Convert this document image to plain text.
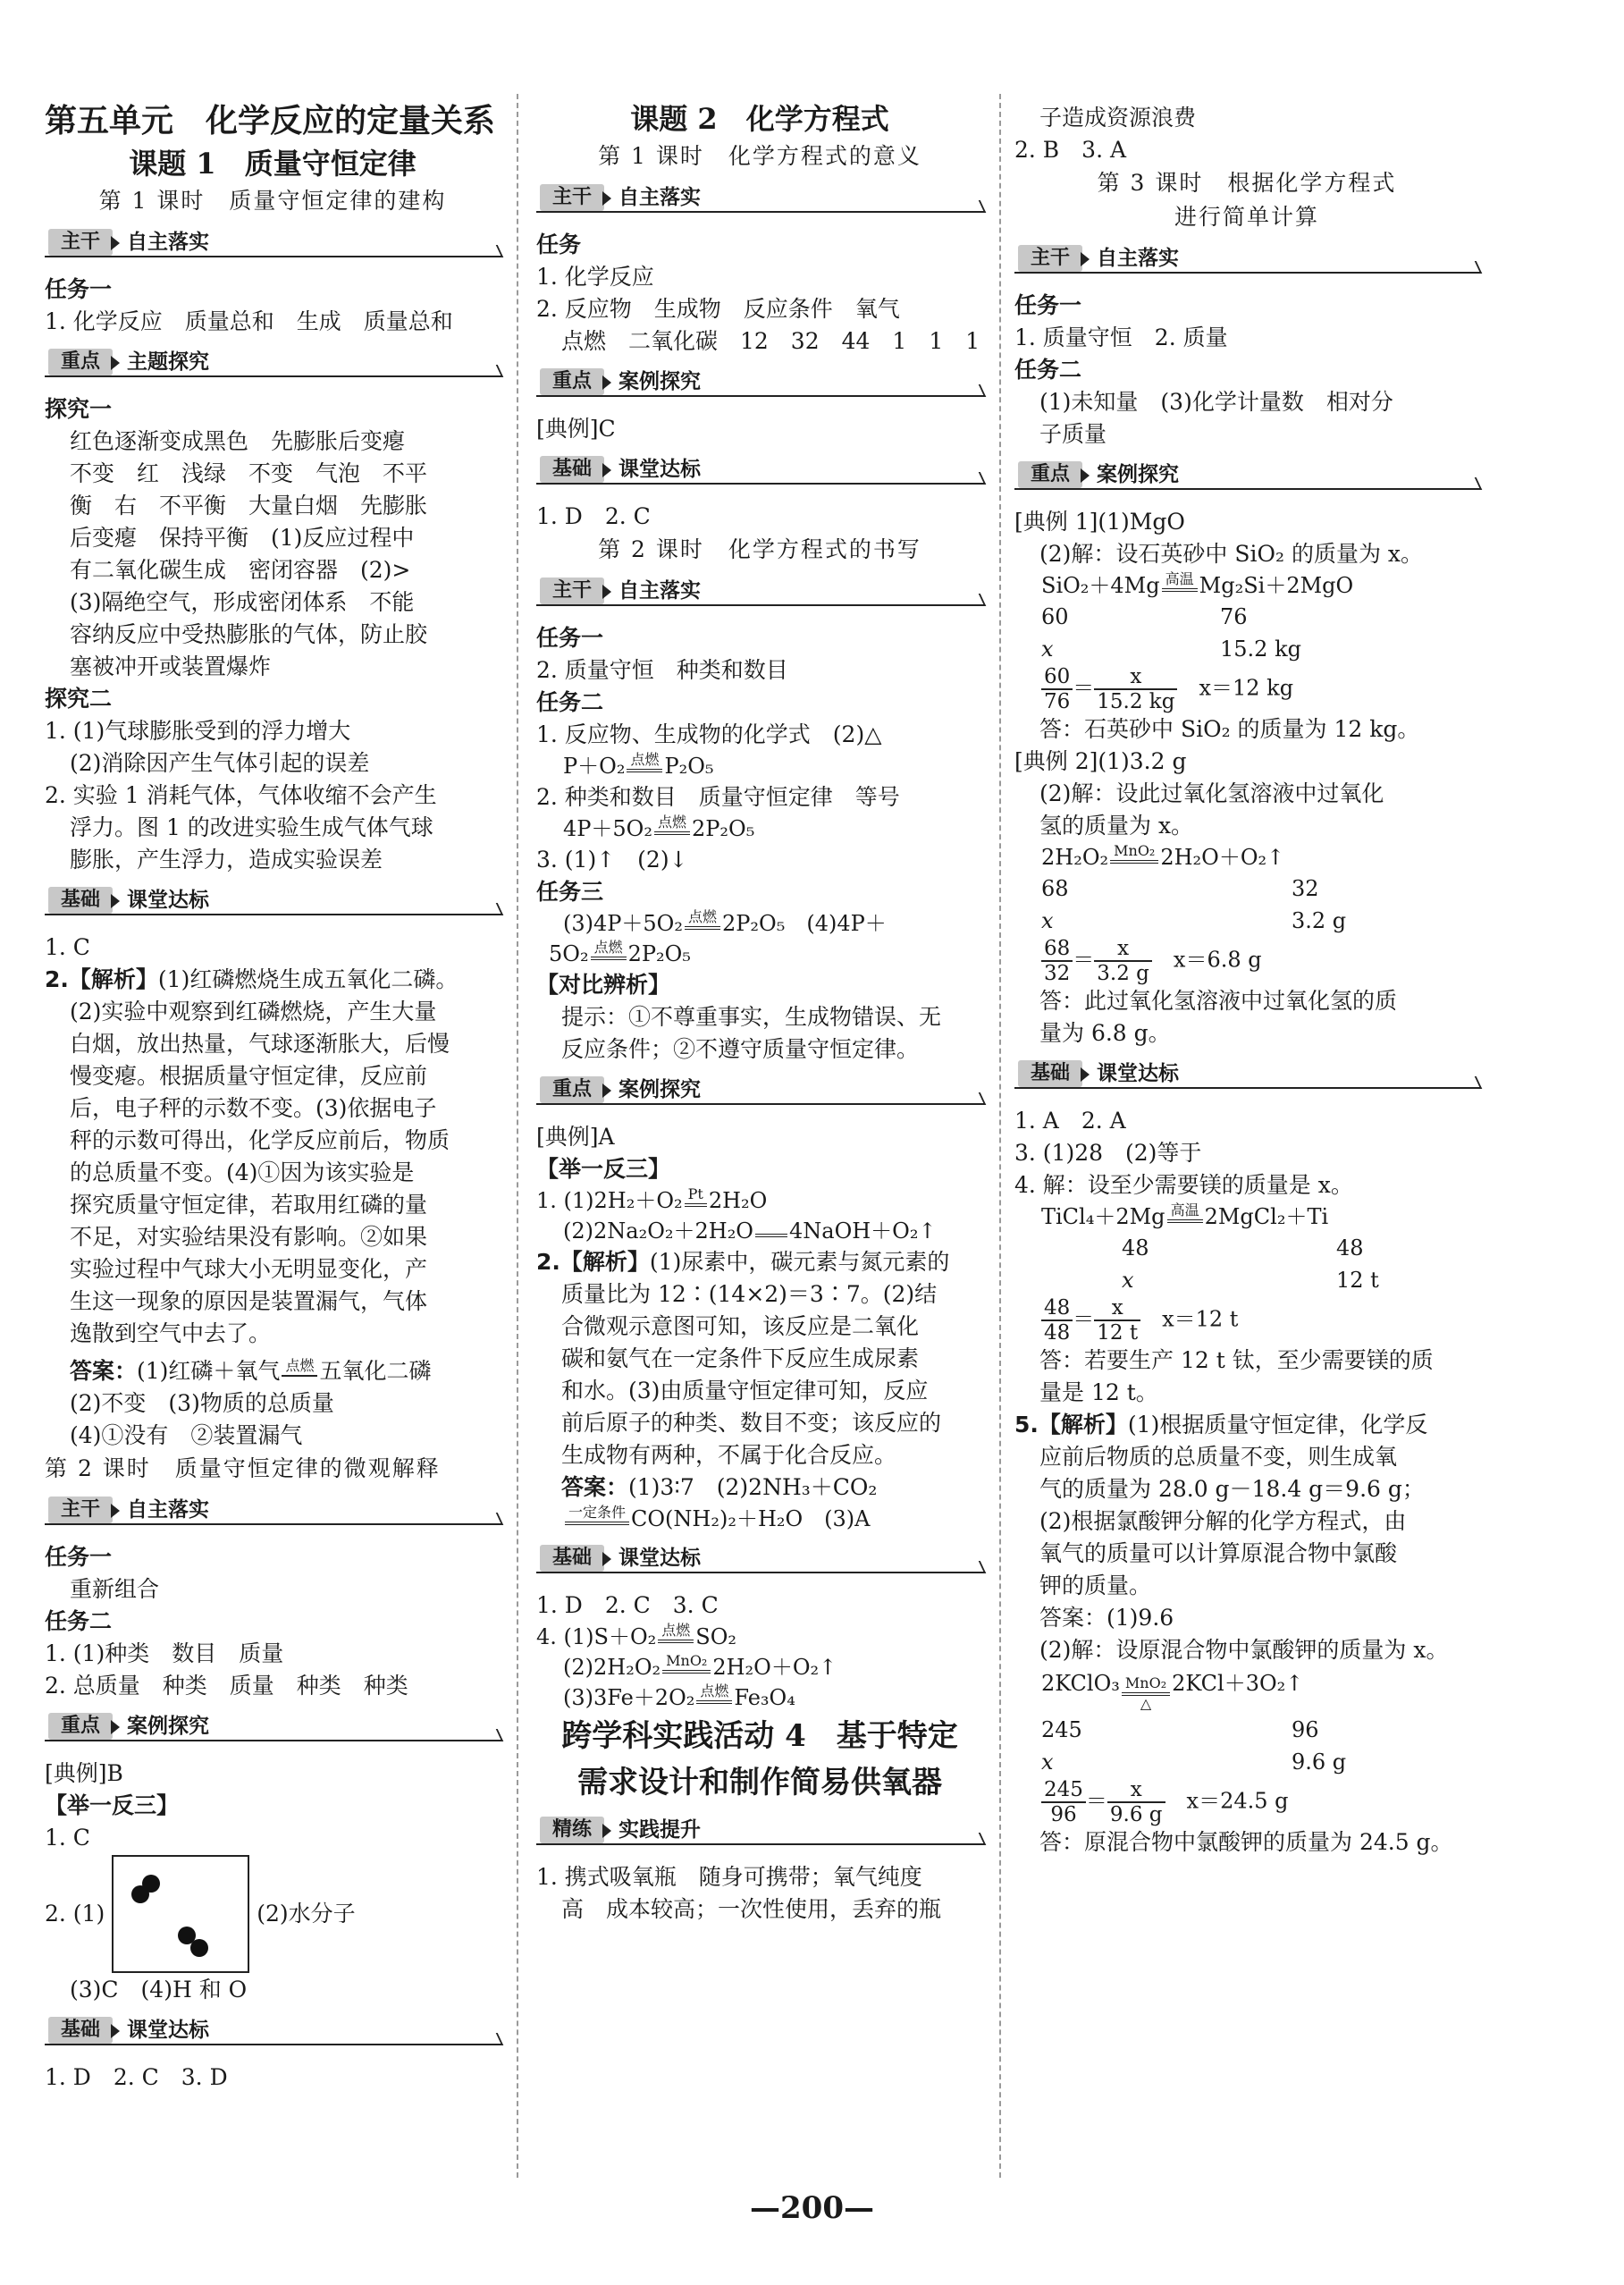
第五单元　化学反应的定量关系
课题 1　质量守恒定律
第 1 课时　质量守恒定律的建构
主干	自主落实
任务一
1. 化学反应　质量总和　生成　质量总和
重点	主题探究
探究一
红色逐渐变成黑色　先膨胀后变瘪
不变　红　浅绿　不变　气泡　不平
衡　右　不平衡　大量白烟　先膨胀
后变瘪　保持平衡　(1)反应过程中
有二氧化碳生成　密闭容器　(2)>
(3)隔绝空气，形成密闭体系　不能
容纳反应中受热膨胀的气体，防止胶
塞被冲开或装置爆炸
探究二
1. (1)气球膨胀受到的浮力增大
(2)消除因产生气体引起的误差
2. 实验 1 消耗气体，气体收缩不会产生
浮力。图 1 的改进实验生成气体气球
膨胀，产生浮力，造成实验误差
基础	课堂达标
1. C
2.【解析】(1)红磷燃烧生成五氧化二磷。
(2)实验中观察到红磷燃烧，产生大量
白烟，放出热量，气球逐渐胀大，后慢
慢变瘪。根据质量守恒定律，反应前
后，电子秤的示数不变。(3)依据电子
秤的示数可得出，化学反应前后，物质
的总质量不变。(4)①因为该实验是
探究质量守恒定律，若取用红磷的量
不足，对实验结果没有影响。②如果
实验过程中气球大小无明显变化，产
生这一现象的原因是装置漏气，气体
逸散到空气中去了。
答案：(1)红磷＋氧气 点燃 五氧化二磷
(2)不变　(3)物质的总质量
(4)①没有　②装置漏气
第 2 课时　质量守恒定律的微观解释
主干	自主落实
任务一
重新组合
任务二
1. (1)种类　数目　质量
2. 总质量　种类　质量　种类　种类
重点	案例探究
[典例]B
【举一反三】
1. C
2. (1)	(2)水分子
(3)C　(4)H 和 O
基础	课堂达标
1. D　2. C　3. D
课题 2　化学方程式
第 1 课时　化学方程式的意义
主干	自主落实
任务
1. 化学反应
2. 反应物　生成物　反应条件　氧气
点燃　二氧化碳　12　32　44　1　1　1
重点	案例探究
[典例]C
基础	课堂达标
1. D　2. C
第 2 课时　化学方程式的书写
主干	自主落实
任务一
2. 质量守恒　种类和数目
任务二
1. 反应物、生成物的化学式　(2)△
P＋O₂ 点燃 P₂O₅
2. 种类和数目　质量守恒定律　等号
4P＋5O₂ 点燃 2P₂O₅
3. (1)↑　(2)↓
任务三
(3)4P＋5O₂ 点燃 2P₂O₅　(4)4P＋
5O₂ 点燃 2P₂O₅
【对比辨析】
提示：①不尊重事实，生成物错误、无
反应条件；②不遵守质量守恒定律。
重点	案例探究
[典例]A
【举一反三】
1. (1)2H₂＋O₂ Pt 2H₂O
(2)2Na₂O₂＋2H₂O
4NaOH＋O₂↑
2.【解析】(1)尿素中，碳元素与氮元素的
质量比为 12∶(14×2)＝3∶7。(2)结
合微观示意图可知，该反应是二氧化
碳和氨气在一定条件下反应生成尿素
和水。(3)由质量守恒定律可知，反应
前后原子的种类、数目不变；该反应的
生成物有两种，不属于化合反应。
答案：(1)3∶7　(2)2NH₃＋CO₂
一定条件 CO(NH₂)₂＋H₂O　(3)A
基础	课堂达标
1. D　2. C　3. C
4. (1)S＋O₂ 点燃 SO₂
(2)2H₂O₂ MnO₂ 2H₂O＋O₂↑
(3)3Fe＋2O₂ 点燃 Fe₃O₄
跨学科实践活动 4　基于特定
需求设计和制作简易供氧器
精练	实践提升
1. 携式吸氧瓶　随身可携带；氧气纯度
高　成本较高；一次性使用，丢弃的瓶
子造成资源浪费
2. B　3. A
第 3 课时　根据化学方程式
进行简单计算
主干	自主落实
任务一
1. 质量守恒　2. 质量
任务二
(1)未知量　(3)化学计量数　相对分
子质量
重点	案例探究
[典例 1](1)MgO
(2)解：设石英砂中 SiO₂ 的质量为 x。
SiO₂＋4Mg 高温 Mg₂Si＋2MgO
60	76
x	15.2 kg
$\frac{60}{76} = \frac{x}{15.2 kg}$
　 x＝12 kg
答：石英砂中 SiO₂ 的质量为 12 kg。
[典例 2](1)3.2 g
(2)解：设此过氧化氢溶液中过氧化
氢的质量为 x。
2H₂O₂ MnO₂ 2H₂O＋O₂↑
68	32
x	3.2 g
$\frac{68}{32} = \frac{x}{3.2 g}$
　 x＝6.8 g
答：此过氧化氢溶液中过氧化氢的质
量为 6.8 g。
基础	课堂达标
1. A　2. A
3. (1)28　(2)等于
4. 解：设至少需要镁的质量是 x。
TiCl₄＋2Mg 高温 2MgCl₂＋Ti
48	48
x	12 t
$\frac{48}{48} = \frac{x}{12 t}$
　 x＝12 t
答：若要生产 12 t 钛，至少需要镁的质
量是 12 t。
5.【解析】(1)根据质量守恒定律，化学反
应前后物质的总质量不变，则生成氧
气的质量为 28.0 g－18.4 g＝9.6 g；
(2)根据氯酸钾分解的化学方程式，由
氧气的质量可以计算原混合物中氯酸
钾的质量。
答案：(1)9.6
(2)解：设原混合物中氯酸钾的质量为 x。
2KClO₃ MnO₂
△
2KCl＋3O₂↑
245	96
x	9.6 g
$\frac{245}{96} = \frac{x}{9.6 g}$
　 x＝24.5 g
答：原混合物中氯酸钾的质量为 24.5 g。
—200—
